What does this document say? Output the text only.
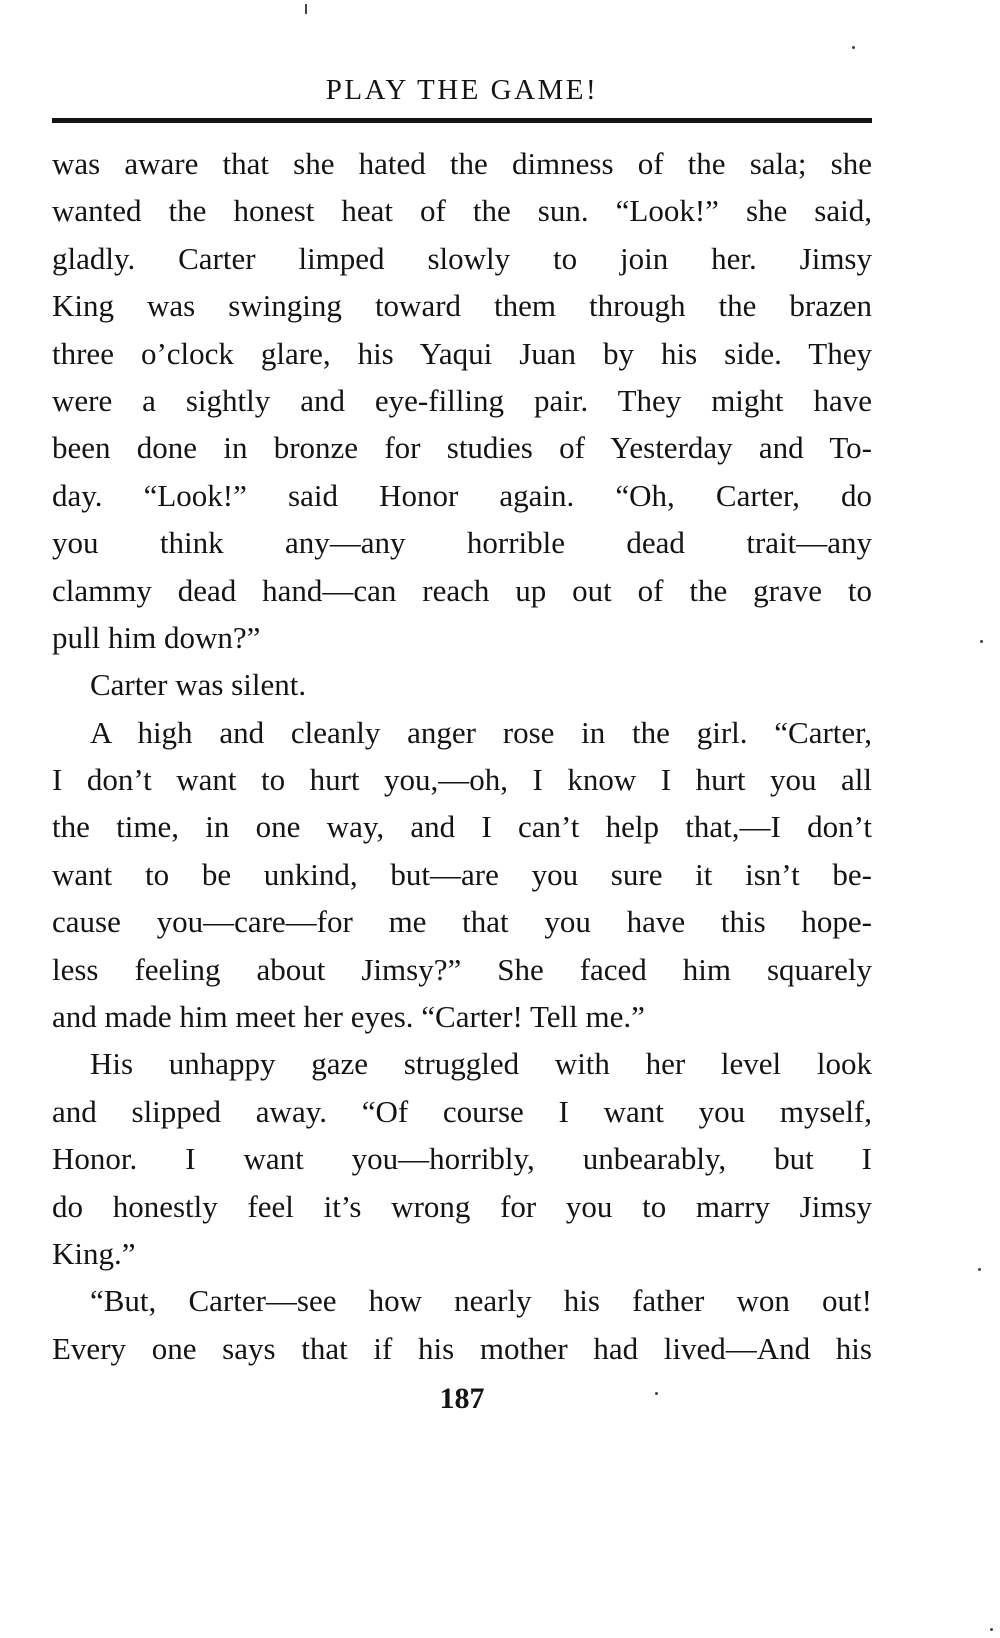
PLAY THE GAME!
was aware that she hated the dimness of the sala; she
wanted the honest heat of the sun. “Look!” she said,
gladly. Carter limped slowly to join her. Jimsy
King was swinging toward them through the brazen
three o’clock glare, his Yaqui Juan by his side. They
were a sightly and eye-filling pair. They might have
been done in bronze for studies of Yesterday and To-
day. “Look!” said Honor again. “Oh, Carter, do
you think any—any horrible dead trait—any
clammy dead hand—can reach up out of the grave to
pull him down?”
Carter was silent.
A high and cleanly anger rose in the girl. “Carter,
I don’t want to hurt you,—oh, I know I hurt you all
the time, in one way, and I can’t help that,—I don’t
want to be unkind, but—are you sure it isn’t be-
cause you—care—for me that you have this hope-
less feeling about Jimsy?” She faced him squarely
and made him meet her eyes. “Carter! Tell me.”
His unhappy gaze struggled with her level look
and slipped away. “Of course I want you myself,
Honor. I want you—horribly, unbearably, but I
do honestly feel it’s wrong for you to marry Jimsy
King.”
“But, Carter—see how nearly his father won out!
Every one says that if his mother had lived—And his
187
